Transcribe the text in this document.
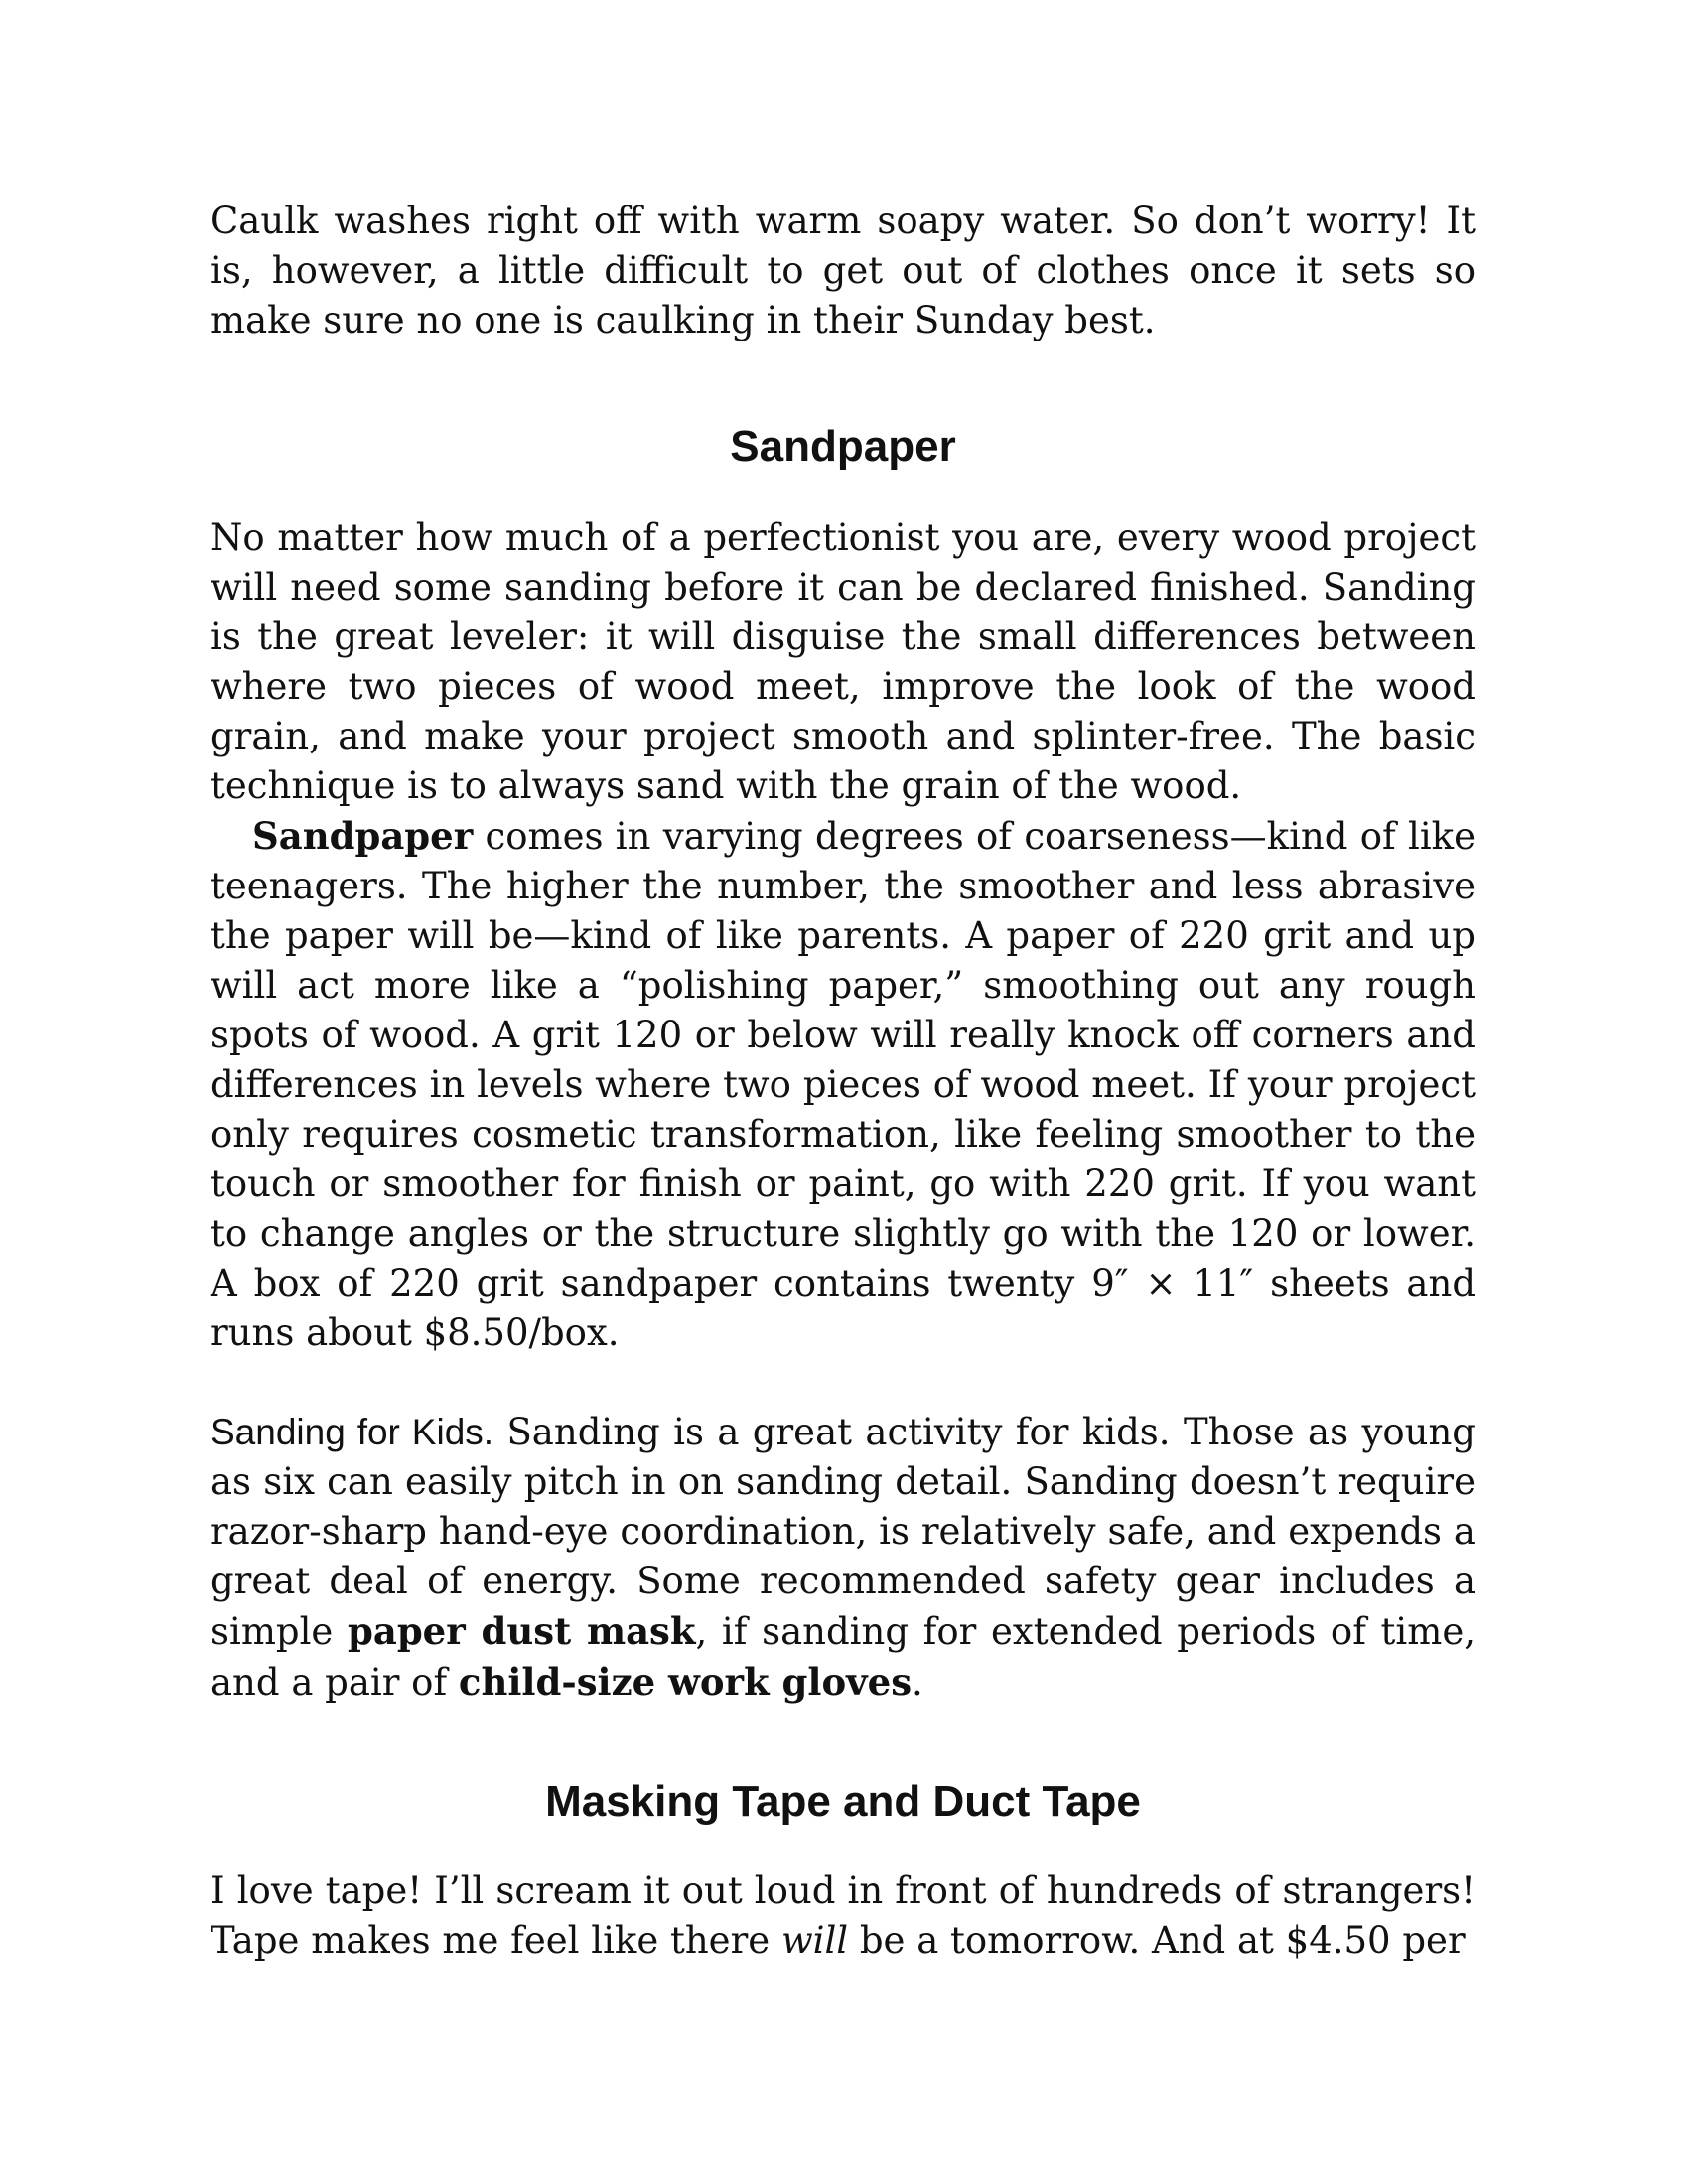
Caulk washes right off with warm soapy water. So don’t worry! It is, however, a little difficult to get out of clothes once it sets so make sure no one is caulking in their Sunday best.

Sandpaper

No matter how much of a perfectionist you are, every wood project will need some sanding before it can be declared finished. Sanding is the great leveler: it will disguise the small differences between where two pieces of wood meet, improve the look of the wood grain, and make your project smooth and splinter-free. The basic technique is to always sand with the grain of the wood.

Sandpaper comes in varying degrees of coarseness—kind of like teenagers. The higher the number, the smoother and less abrasive the paper will be—kind of like parents. A paper of 220 grit and up will act more like a “polishing paper,” smoothing out any rough spots of wood. A grit 120 or below will really knock off corners and differences in levels where two pieces of wood meet. If your project only requires cosmetic transformation, like feeling smoother to the touch or smoother for finish or paint, go with 220 grit. If you want to change angles or the structure slightly go with the 120 or lower. A box of 220 grit sandpaper contains twenty 9″ × 11″ sheets and runs about $8.50/box.

Sanding for Kids. Sanding is a great activity for kids. Those as young as six can easily pitch in on sanding detail. Sanding doesn’t require razor-sharp hand-eye coordination, is relatively safe, and expends a great deal of energy. Some recommended safety gear includes a simple paper dust mask, if sanding for extended periods of time, and a pair of child-size work gloves.

Masking Tape and Duct Tape

I love tape! I’ll scream it out loud in front of hundreds of strangers! Tape makes me feel like there will be a tomorrow. And at $4.50 per
